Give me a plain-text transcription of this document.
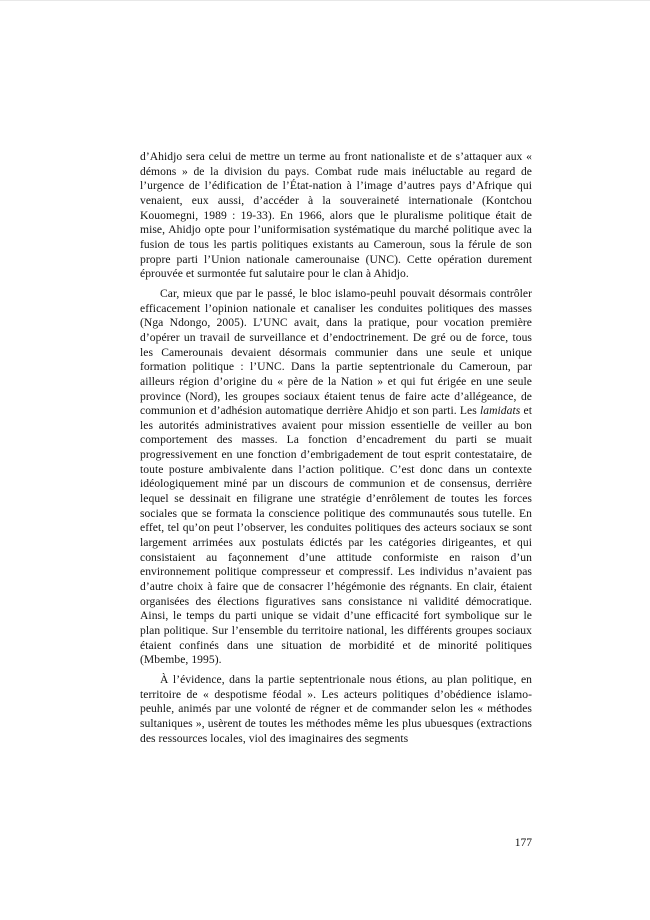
d’Ahidjo sera celui de mettre un terme au front nationaliste et de s’attaquer aux « démons » de la division du pays. Combat rude mais inéluctable au regard de l’urgence de l’édification de l’État-nation à l’image d’autres pays d’Afrique qui venaient, eux aussi, d’accéder à la souveraineté internationale (Kontchou Kouomegni, 1989 : 19-33). En 1966, alors que le pluralisme politique était de mise, Ahidjo opte pour l’uniformisation systématique du marché politique avec la fusion de tous les partis politiques existants au Cameroun, sous la férule de son propre parti l’Union nationale camerounaise (UNC). Cette opération durement éprouvée et surmontée fut salutaire pour le clan à Ahidjo.

Car, mieux que par le passé, le bloc islamo-peuhl pouvait désormais contrôler efficacement l’opinion nationale et canaliser les conduites politiques des masses (Nga Ndongo, 2005). L’UNC avait, dans la pratique, pour vocation première d’opérer un travail de surveillance et d’endoctrinement. De gré ou de force, tous les Camerounais devaient désormais communier dans une seule et unique formation politique : l’UNC. Dans la partie septentrionale du Cameroun, par ailleurs région d’origine du « père de la Nation » et qui fut érigée en une seule province (Nord), les groupes sociaux étaient tenus de faire acte d’allégeance, de communion et d’adhésion automatique derrière Ahidjo et son parti. Les lamidats et les autorités administratives avaient pour mission essentielle de veiller au bon comportement des masses. La fonction d’encadrement du parti se muait progressivement en une fonction d’embrigadement de tout esprit contestataire, de toute posture ambivalente dans l’action politique. C’est donc dans un contexte idéologiquement miné par un discours de communion et de consensus, derrière lequel se dessinait en filigrane une stratégie d’enrôlement de toutes les forces sociales que se formata la conscience politique des communautés sous tutelle. En effet, tel qu’on peut l’observer, les conduites politiques des acteurs sociaux se sont largement arrimées aux postulats édictés par les catégories dirigeantes, et qui consistaient au façonnement d’une attitude conformiste en raison d’un environnement politique compresseur et compressif. Les individus n’avaient pas d’autre choix à faire que de consacrer l’hégémonie des régnants. En clair, étaient organisées des élections figuratives sans consistance ni validité démocratique. Ainsi, le temps du parti unique se vidait d’une efficacité fort symbolique sur le plan politique. Sur l’ensemble du territoire national, les différents groupes sociaux étaient confinés dans une situation de morbidité et de minorité politiques (Mbembe, 1995).

À l’évidence, dans la partie septentrionale nous étions, au plan politique, en territoire de « despotisme féodal ». Les acteurs politiques d’obédience islamo-peuhle, animés par une volonté de régner et de commander selon les « méthodes sultaniques », usèrent de toutes les méthodes même les plus ubuesques (extractions des ressources locales, viol des imaginaires des segments

177
